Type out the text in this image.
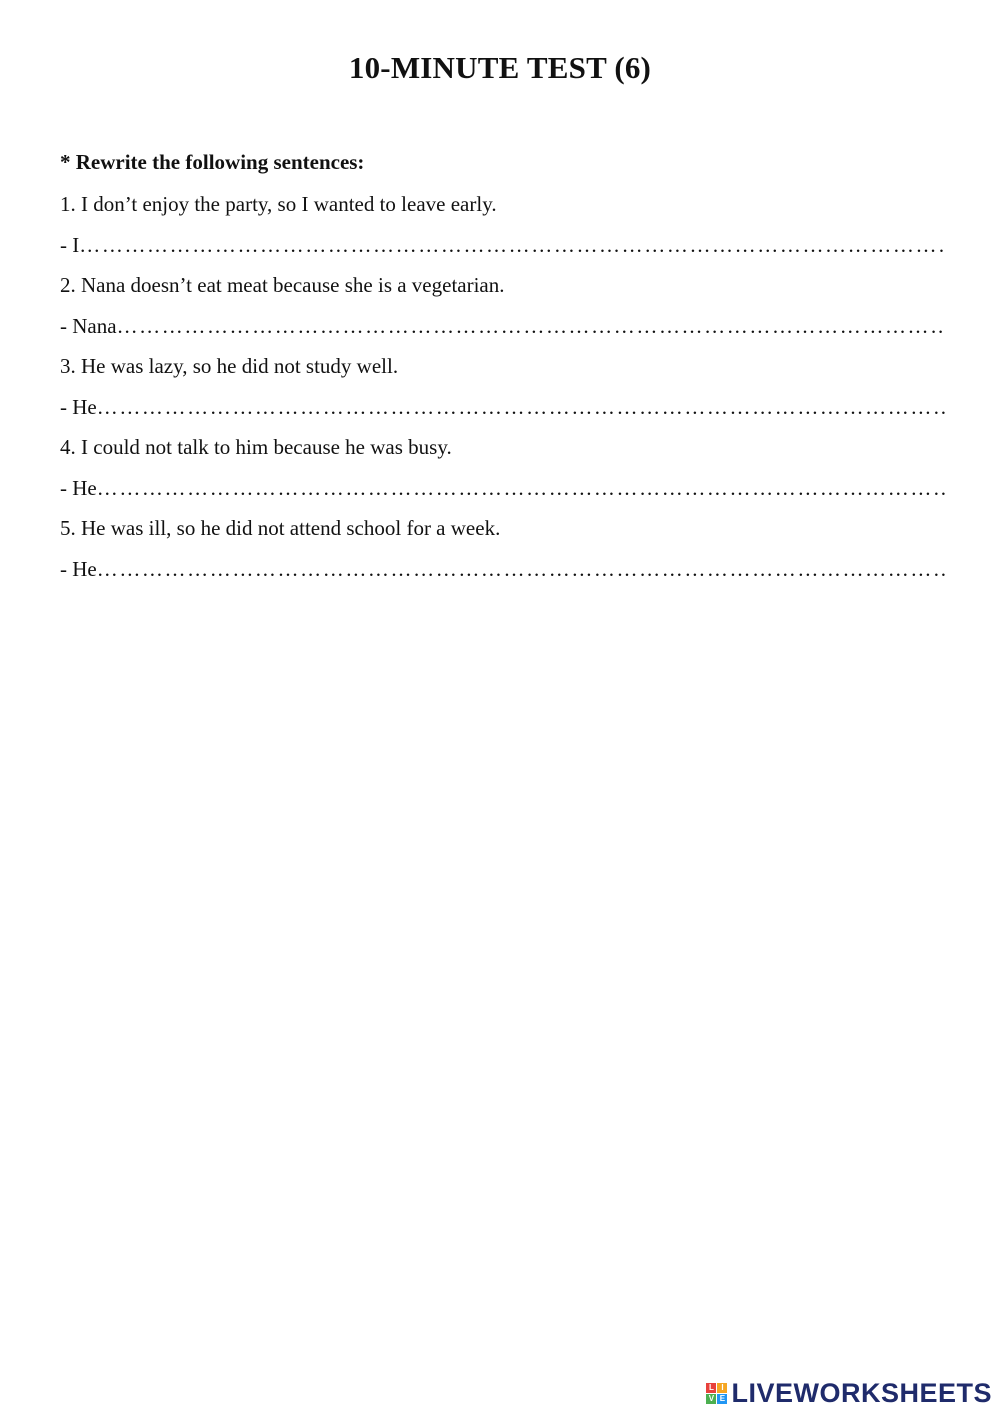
10-MINUTE TEST (6)
* Rewrite the following sentences:
1. I don’t enjoy the party, so I wanted to leave early.
- I
……………………………………………………………………………………………………………………………………………………………………………………………………………………………………………
2. Nana doesn’t eat meat because she is a vegetarian.
- Nana
……………………………………………………………………………………………………………………………………………………………………………………………………………………………………………
3. He was lazy, so he did not study well.
- He
……………………………………………………………………………………………………………………………………………………………………………………………………………………………………………
4. I could not talk to him because he was busy.
- He
……………………………………………………………………………………………………………………………………………………………………………………………………………………………………………
5. He was ill, so he did not attend school for a week.
- He
……………………………………………………………………………………………………………………………………………………………………………………………………………………………………………
L I
V E LIVEWORKSHEETS
